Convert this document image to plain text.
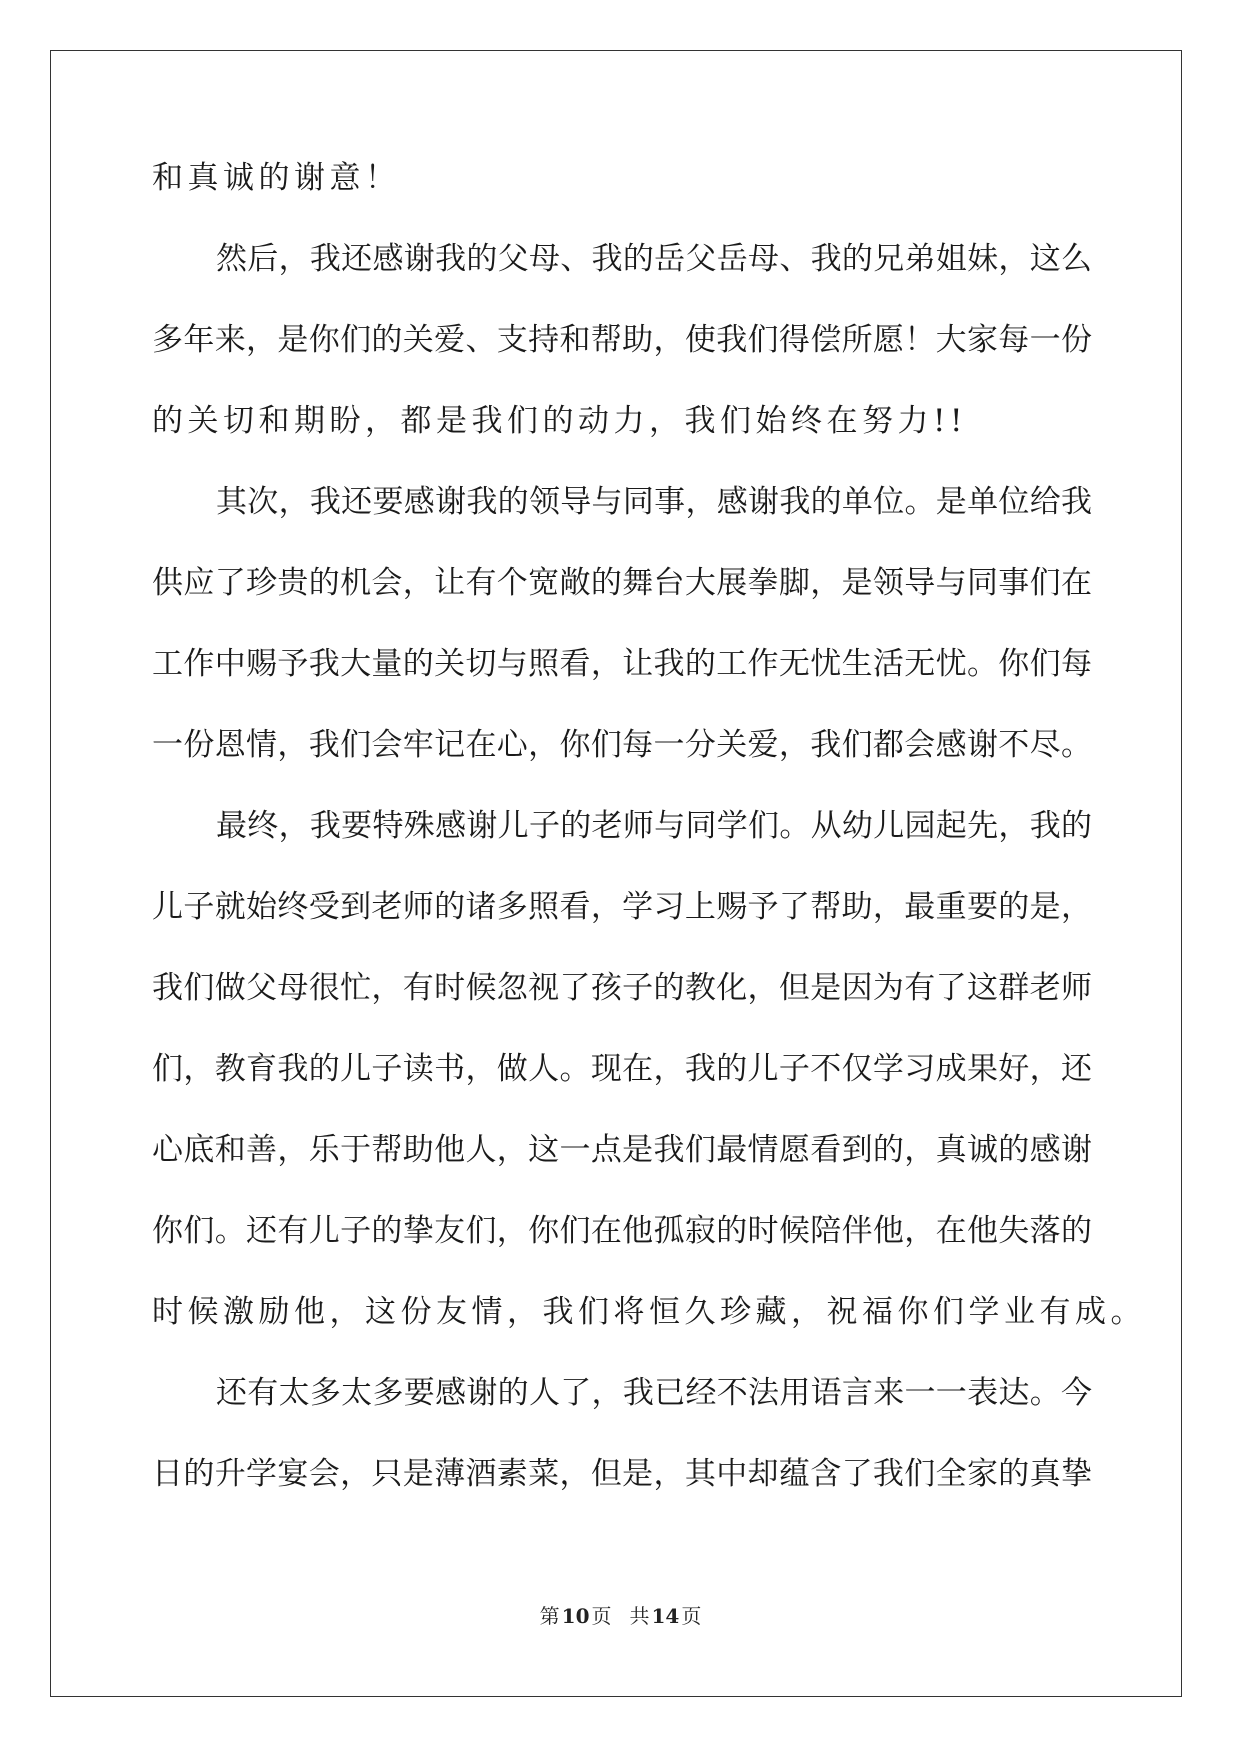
和真诚的谢意！
然后，我还感谢我的父母、我的岳父岳母、我的兄弟姐妹，这么
多年来，是你们的关爱、支持和帮助，使我们得偿所愿！大家每一份
的关切和期盼，都是我们的动力，我们始终在努力!!
其次，我还要感谢我的领导与同事，感谢我的单位。是单位给我
供应了珍贵的机会，让有个宽敞的舞台大展拳脚，是领导与同事们在
工作中赐予我大量的关切与照看，让我的工作无忧生活无忧。你们每
一份恩情，我们会牢记在心，你们每一分关爱，我们都会感谢不尽。
最终，我要特殊感谢儿子的老师与同学们。从幼儿园起先，我的
儿子就始终受到老师的诸多照看，学习上赐予了帮助，最重要的是，
我们做父母很忙，有时候忽视了孩子的教化，但是因为有了这群老师
们，教育我的儿子读书，做人。现在，我的儿子不仅学习成果好，还
心底和善，乐于帮助他人，这一点是我们最情愿看到的，真诚的感谢
你们。还有儿子的挚友们，你们在他孤寂的时候陪伴他，在他失落的
时候激励他，这份友情，我们将恒久珍藏，祝福你们学业有成。
还有太多太多要感谢的人了，我已经不法用语言来一一表达。今
日的升学宴会，只是薄酒素菜，但是，其中却蕴含了我们全家的真挚
第 10 页 共 14 页
